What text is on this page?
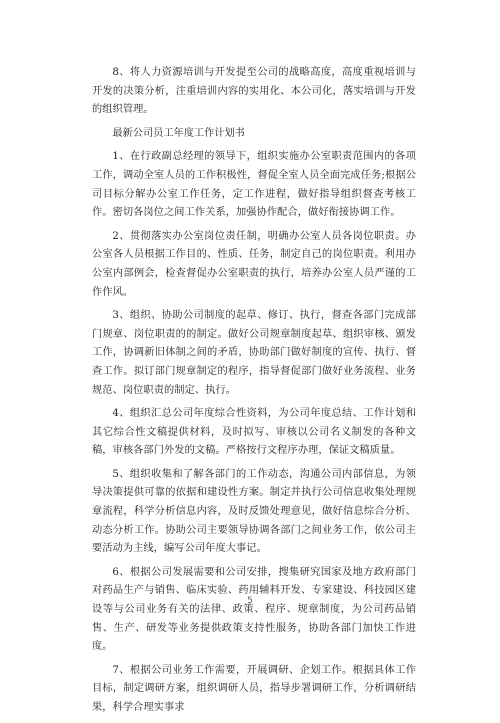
8、将人力资源培训与开发提至公司的战略高度，高度重视培训与开发的决策分析，注重培训内容的实用化、本公司化，落实培训与开发的组织管理。

最新公司员工年度工作计划书

1、在行政副总经理的领导下，组织实施办公室职责范围内的各项工作，调动全室人员的工作积极性，督促全室人员全面完成任务;根据公司目标分解办公室工作任务，定工作进程，做好指导组织督查考核工作。密切各岗位之间工作关系，加强协作配合，做好衔接协调工作。

2、贯彻落实办公室岗位责任制，明确办公室人员各岗位职责。办公室各人员根据工作目的、性质、任务，制定自己的岗位职责。利用办公室内部例会，检查督促办公室职责的执行，培养办公室人员严谨的工作作风。

3、组织、协助公司制度的起草、修订、执行，督查各部门完成部门规章、岗位职责的的制定。做好公司规章制度起草、组织审核、颁发工作，协调新旧体制之间的矛盾，协助部门做好制度的宣传、执行、督查工作。拟订部门规章制定的程序，指导督促部门做好业务流程、业务规范、岗位职责的制定、执行。

4、组织汇总公司年度综合性资料，为公司年度总结、工作计划和其它综合性文稿提供材料，及时拟写、审核以公司名义制发的各种文稿，审核各部门外发的文稿。严格按行文程序办理，保证文稿质量。

5、组织收集和了解各部门的工作动态，沟通公司内部信息，为领导决策提供可靠的依据和建设性方案。制定并执行公司信息收集处理规章流程，科学分析信息内容，及时反馈处理意见，做好信息综合分析、动态分析工作。协助公司主要领导协调各部门之间业务工作，依公司主要活动为主线，编写公司年度大事记。

6、根据公司发展需要和公司安排，搜集研究国家及地方政府部门对药品生产与销售、临床实验、药用辅料开发、专家建设、科技园区建设等与公司业务有关的法律、政策、程序、规章制度，为公司药品销售、生产、研发等业务提供政策支持性服务，协助各部门加快工作进度。

7、根据公司业务工作需要，开展调研、企划工作。根据具体工作目标，制定调研方案，组织调研人员，指导步署调研工作，分析调研结果，科学合理实事求

5
